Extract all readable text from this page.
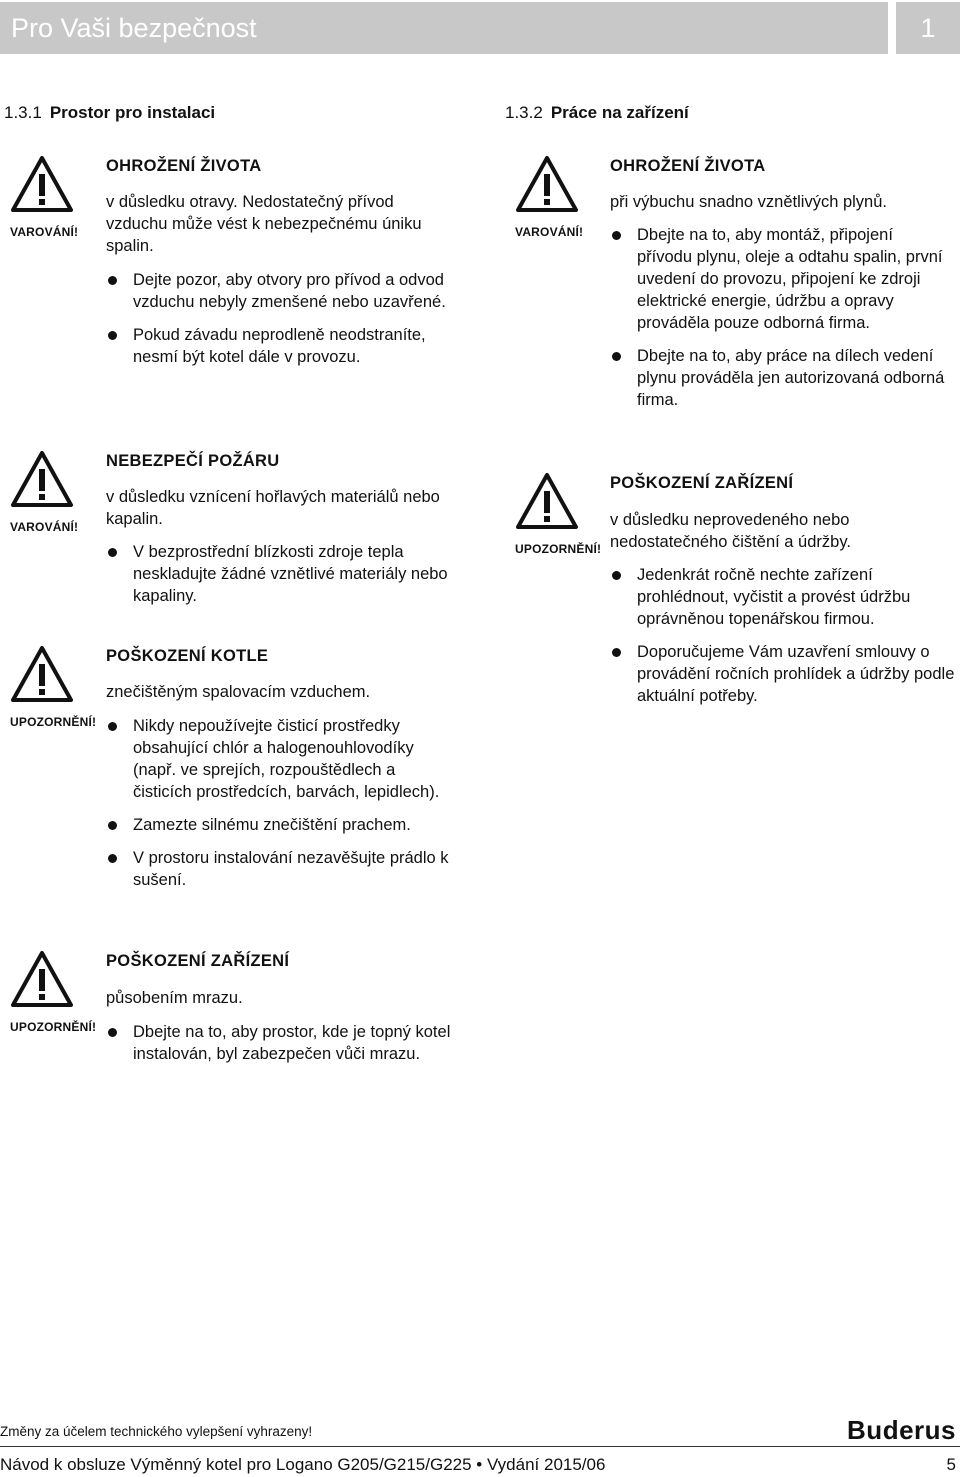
Pro Vaši bezpečnost	1
1.3.1 Prostor pro instalaci
VAROVÁNÍ!
OHROŽENÍ ŽIVOTA
v důsledku otravy. Nedostatečný přívod vzduchu může vést k nebezpečnému úniku spalin.
Dejte pozor, aby otvory pro přívod a odvod vzduchu nebyly zmenšené nebo uzavřené.
Pokud závadu neprodleně neodstraníte, nesmí být kotel dále v provozu.
VAROVÁNÍ!
NEBEZPEČÍ POŽÁRU
v důsledku vznícení hořlavých materiálů nebo kapalin.
V bezprostřední blízkosti zdroje tepla neskladujte žádné vznětlivé materiály nebo kapaliny.
UPOZORNĚNÍ!
POŠKOZENÍ KOTLE
znečištěným spalovacím vzduchem.
Nikdy nepoužívejte čisticí prostředky obsahující chlór a halogenouhlovodíky (např. ve sprejích, rozpouštědlech a čisticích prostředcích, barvách, lepidlech).
Zamezte silnému znečištění prachem.
V prostoru instalování nezavěšujte prádlo k sušení.
UPOZORNĚNÍ!
POŠKOZENÍ ZAŘÍZENÍ
působením mrazu.
Dbejte na to, aby prostor, kde je topný kotel instalován, byl zabezpečen vůči mrazu.
1.3.2 Práce na zařízení
VAROVÁNÍ!
OHROŽENÍ ŽIVOTA
při výbuchu snadno vznětlivých plynů.
Dbejte na to, aby montáž, připojení přívodu plynu, oleje a odtahu spalin, první uvedení do provozu, připojení ke zdroji elektrické energie, údržbu a opravy prováděla pouze odborná firma.
Dbejte na to, aby práce na dílech vedení plynu prováděla jen autorizovaná odborná firma.
UPOZORNĚNÍ!
POŠKOZENÍ ZAŘÍZENÍ
v důsledku neprovedeného nebo nedostatečného čištění a údržby.
Jedenkrát ročně nechte zařízení prohlédnout, vyčistit a provést údržbu oprávněnou topenářskou firmou.
Doporučujeme Vám uzavření smlouvy o provádění ročních prohlídek a údržby podle aktuální potřeby.
Změny za účelem technického vylepšení vyhrazeny!	Buderus
Návod k obsluze Výměnný kotel pro Logano G205/G215/G225 • Vydání 2015/06	5
